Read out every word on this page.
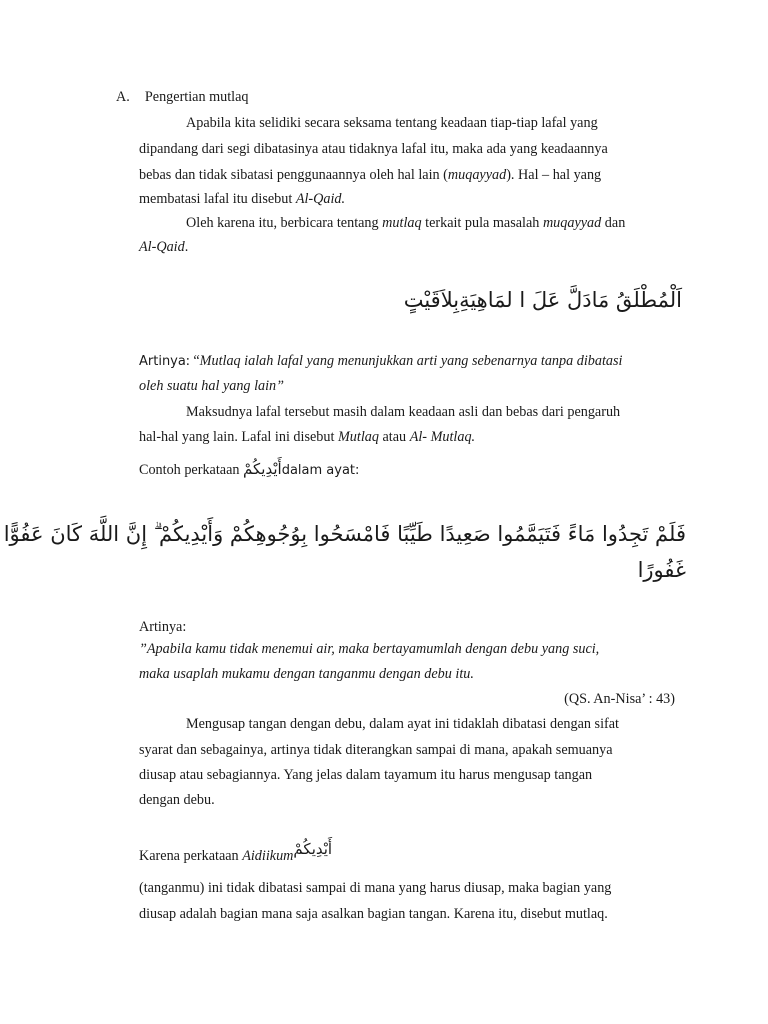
A. Pengertian mutlaq
Apabila kita selidiki secara seksama tentang keadaan tiap-tiap lafal yang
dipandang dari segi dibatasinya atau tidaknya lafal itu, maka ada yang keadaannya
bebas dan tidak sibatasi penggunaannya oleh hal lain (muqayyad). Hal – hal yang
membatasi lafal itu disebut Al-Qaid.
Oleh karena itu, berbicara tentang mutlaq terkait pula masalah muqayyad dan
Al-Qaid.
اَلْمُطْلَقُ مَادَلَّ عَلَ ا لمَاهِيَةِبِلاَقَيْتٍ
Artinya: “Mutlaq ialah lafal yang menunjukkan arti yang sebenarnya tanpa dibatasi
oleh suatu hal yang lain”
Maksudnya lafal tersebut masih dalam keadaan asli dan bebas dari pengaruh
hal-hal yang lain. Lafal ini disebut Mutlaq atau Al- Mutlaq.
Contoh perkataan أَيْدِيكُمْdalam ayat:
فَلَمْ تَجِدُوا مَاءً فَتَيَمَّمُوا صَعِيدًا طَيِّبًا فَامْسَحُوا بِوُجُوهِكُمْ وَأَيْدِيكُمْ ۗ إِنَّ اللَّهَ كَانَ عَفُوًّا
غَفُورًا
Artinya:
”Apabila kamu tidak menemui air, maka bertayamumlah dengan debu yang suci,
maka usaplah mukamu dengan tanganmu dengan debu itu.
(QS. An-Nisa’ : 43)
Mengusap tangan dengan debu, dalam ayat ini tidaklah dibatasi dengan sifat
syarat dan sebagainya, artinya tidak diterangkan sampai di mana, apakah semuanya
diusap atau sebagiannya. Yang jelas dalam tayamum itu harus mengusap tangan
dengan debu.
Karena perkataan Aidiikumأَيْدِيكُمْ
(tanganmu) ini tidak dibatasi sampai di mana yang harus diusap, maka bagian yang
diusap adalah bagian mana saja asalkan bagian tangan. Karena itu, disebut mutlaq.
